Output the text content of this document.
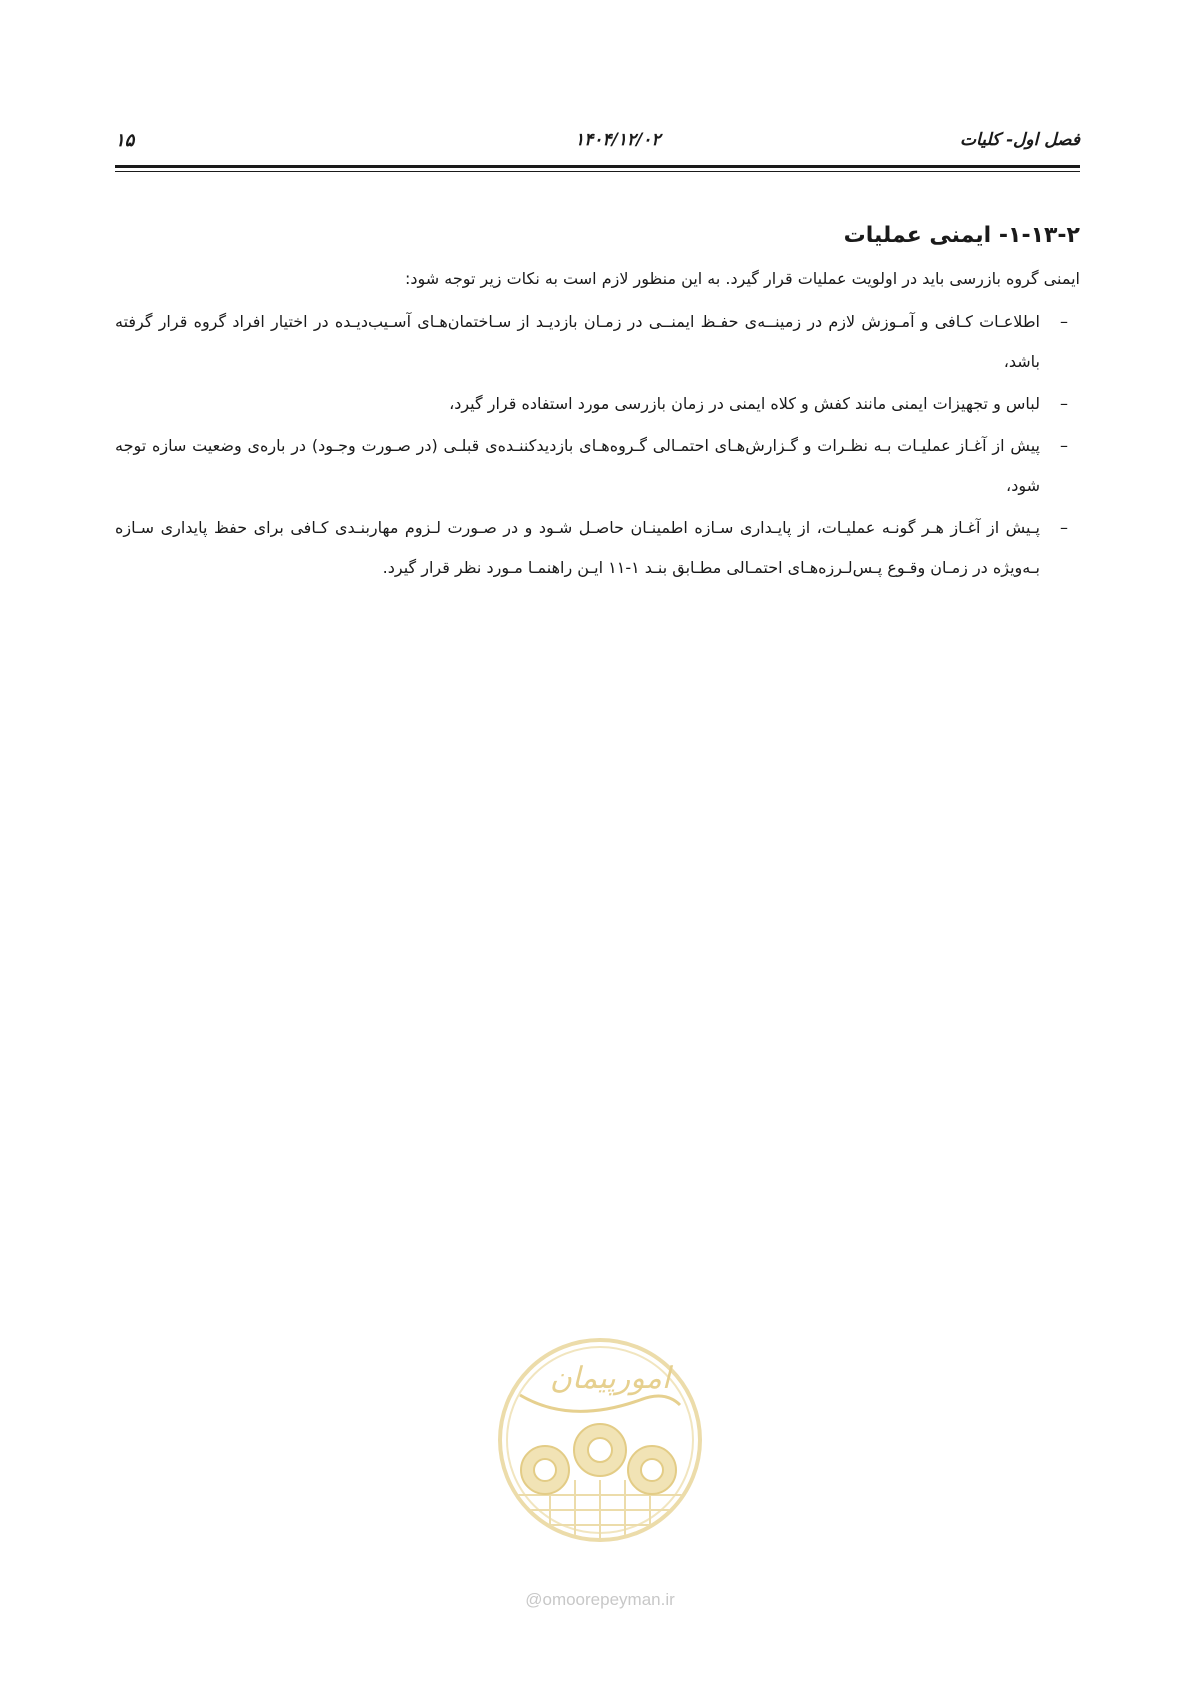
فصل اول- کلیات
۱۴۰۴/۱۲/۰۲
۱۵
۱-۱۳-۲- ایمنی عملیات

ایمنی گروه بازرسی باید در اولویت عملیات قرار گیرد. به این منظور لازم است به نکات زیر توجه شود:

–
اطلاعـات کـافی و آمـوزش لازم در زمینــه‌ی حفـظ ایمنــی در زمـان بازدیـد از سـاختمان‌هـای آسـیب‌دیـده در اختیار افراد گروه قرار گرفته باشد،
–
لباس و تجهیزات ایمنی مانند کفش و کلاه ایمنی در زمان بازرسی مورد استفاده قرار گیرد،
–
پیش از آغـاز عملیـات بـه نظـرات و گـزارش‌هـای احتمـالی گـروه‌هـای بازدیدکننـده‌ی قبلـی (در صـورت وجـود) در باره‌ی وضعیت سازه توجه شود،
–
پـیش از آغـاز هـر گونـه عملیـات، از پایـداری سـازه اطمینـان حاصـل شـود و در صـورت لـزوم مهاربنـدی کـافی برای حفظ پایداری سـازه بـه‌ویژه در زمـان وقـوع پـس‌لـرزه‌هـای احتمـالی مطـابق بنـد ۱-۱۱ ایـن راهنمـا مـورد نظر قرار گیرد.
امورپیمان
@omoorepeyman.ir
